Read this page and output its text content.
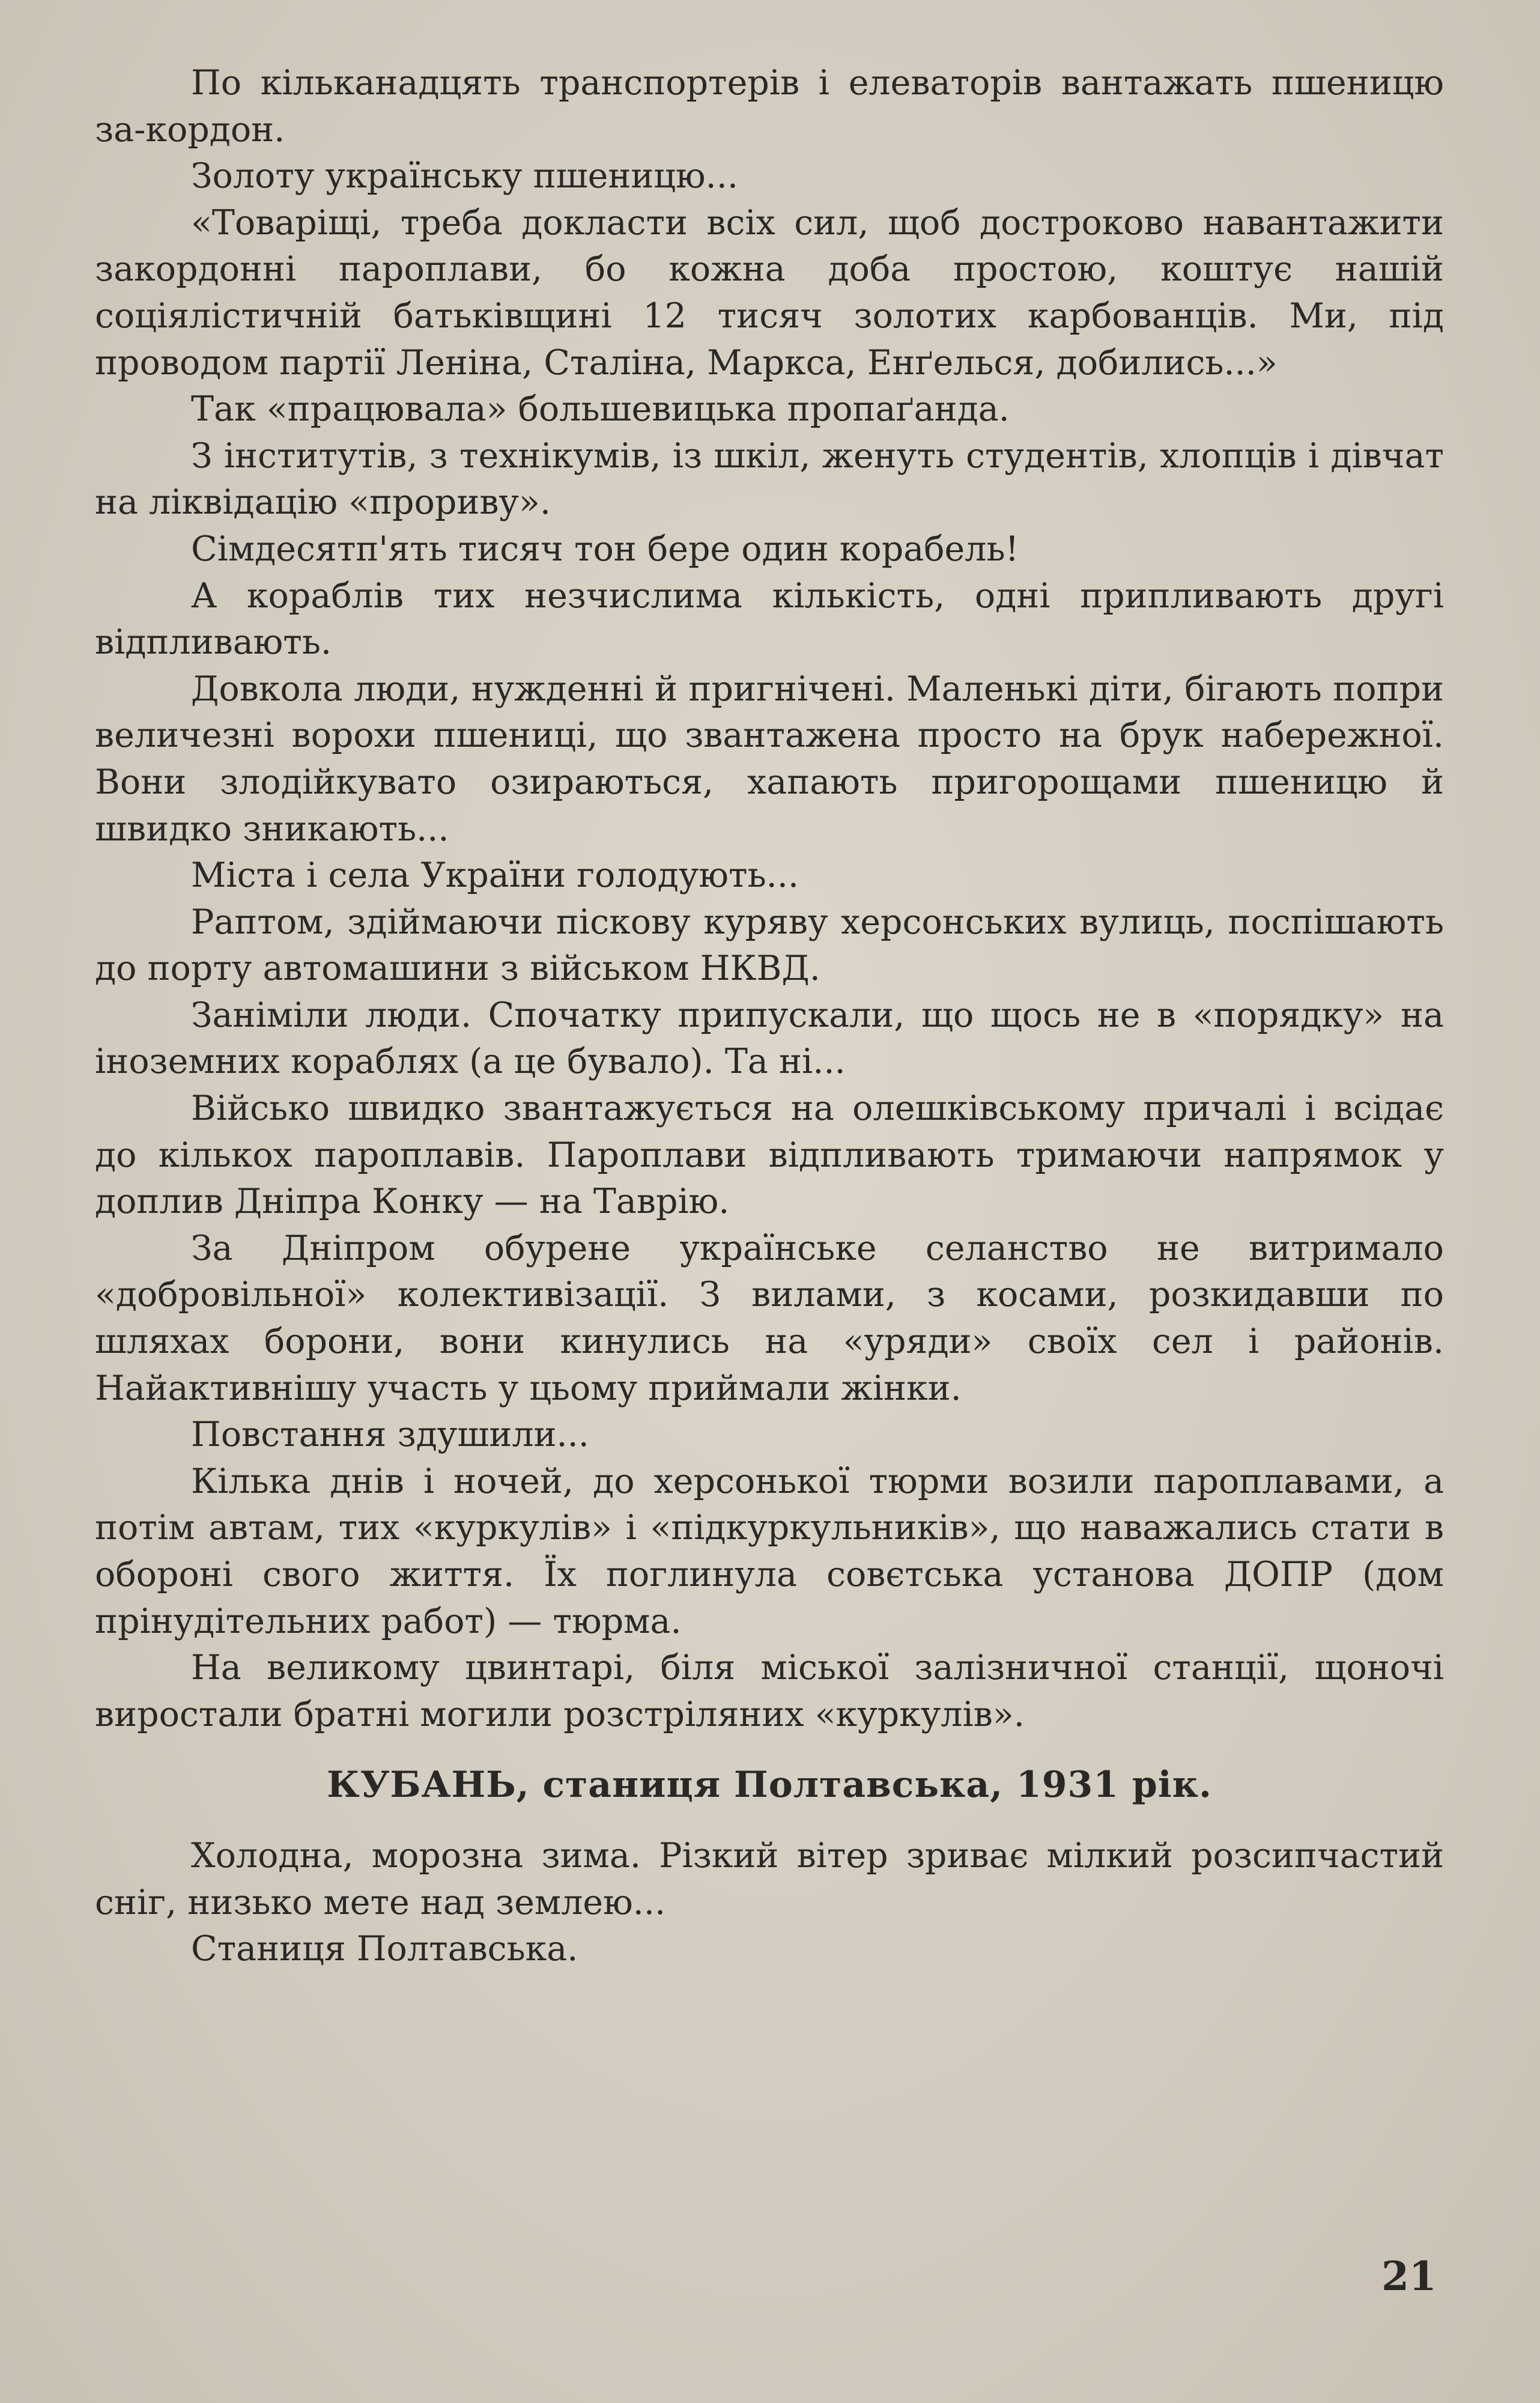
По кільканадцять транспортерів і елеваторів вантажать пшеницю за-кордон.

Золоту українську пшеницю...

«Товаріщі, треба докласти всіх сил, щоб достроково навантажити закордонні пароплави, бо кожна доба простою, коштує нашій соціялістичній батьківщині 12 тисяч золотих карбованців. Ми, під проводом партії Леніна, Сталіна, Маркса, Енґелься, добились...»

Так «працювала» большевицька пропаґанда.

З інститутів, з технікумів, із шкіл, женуть студентів, хлопців і дівчат на ліквідацію «прориву».

Сімдесятп'ять тисяч тон бере один корабель!

А кораблів тих незчислима кількість, одні припливають другі відпливають.

Довкола люди, нужденні й пригнічені. Маленькі діти, бігають попри величезні ворохи пшениці, що звантажена просто на брук набережної. Вони злодійкувато озираються, хапають пригорощами пшеницю й швидко зникають...

Міста і села України голодують...

Раптом, здіймаючи піскову куряву херсонських вулиць, поспішають до порту автомашини з військом НКВД.

Заніміли люди. Спочатку припускали, що щось не в «порядку» на іноземних кораблях (а це бувало). Та ні...

Військо швидко звантажується на олешківському причалі і всідає до кількох пароплавів. Пароплави відпливають тримаючи напрямок у доплив Дніпра Конку — на Таврію.

За Дніпром обурене українське селанство не витримало «добровільної» колективізації. З вилами, з косами, розкидавши по шляхах борони, вони кинулись на «уряди» своїх сел і районів. Найактивнішу участь у цьому приймали жінки.

Повстання здушили...

Кілька днів і ночей, до херсонької тюрми возили пароплавами, а потім автам, тих «куркулів» і «підкуркульників», що наважались стати в обороні свого життя. Їх поглинула совєтська установа ДОПР (дом прінудітельних работ) — тюрма.

На великому цвинтарі, біля міської залізничної станції, щоночі виростали братні могили розстріляних «куркулів».

КУБАНЬ, станиця Полтавська, 1931 рік.

Холодна, морозна зима. Різкий вітер зриває мілкий розсипчастий сніг, низько мете над землею...

Станиця Полтавська.

21
